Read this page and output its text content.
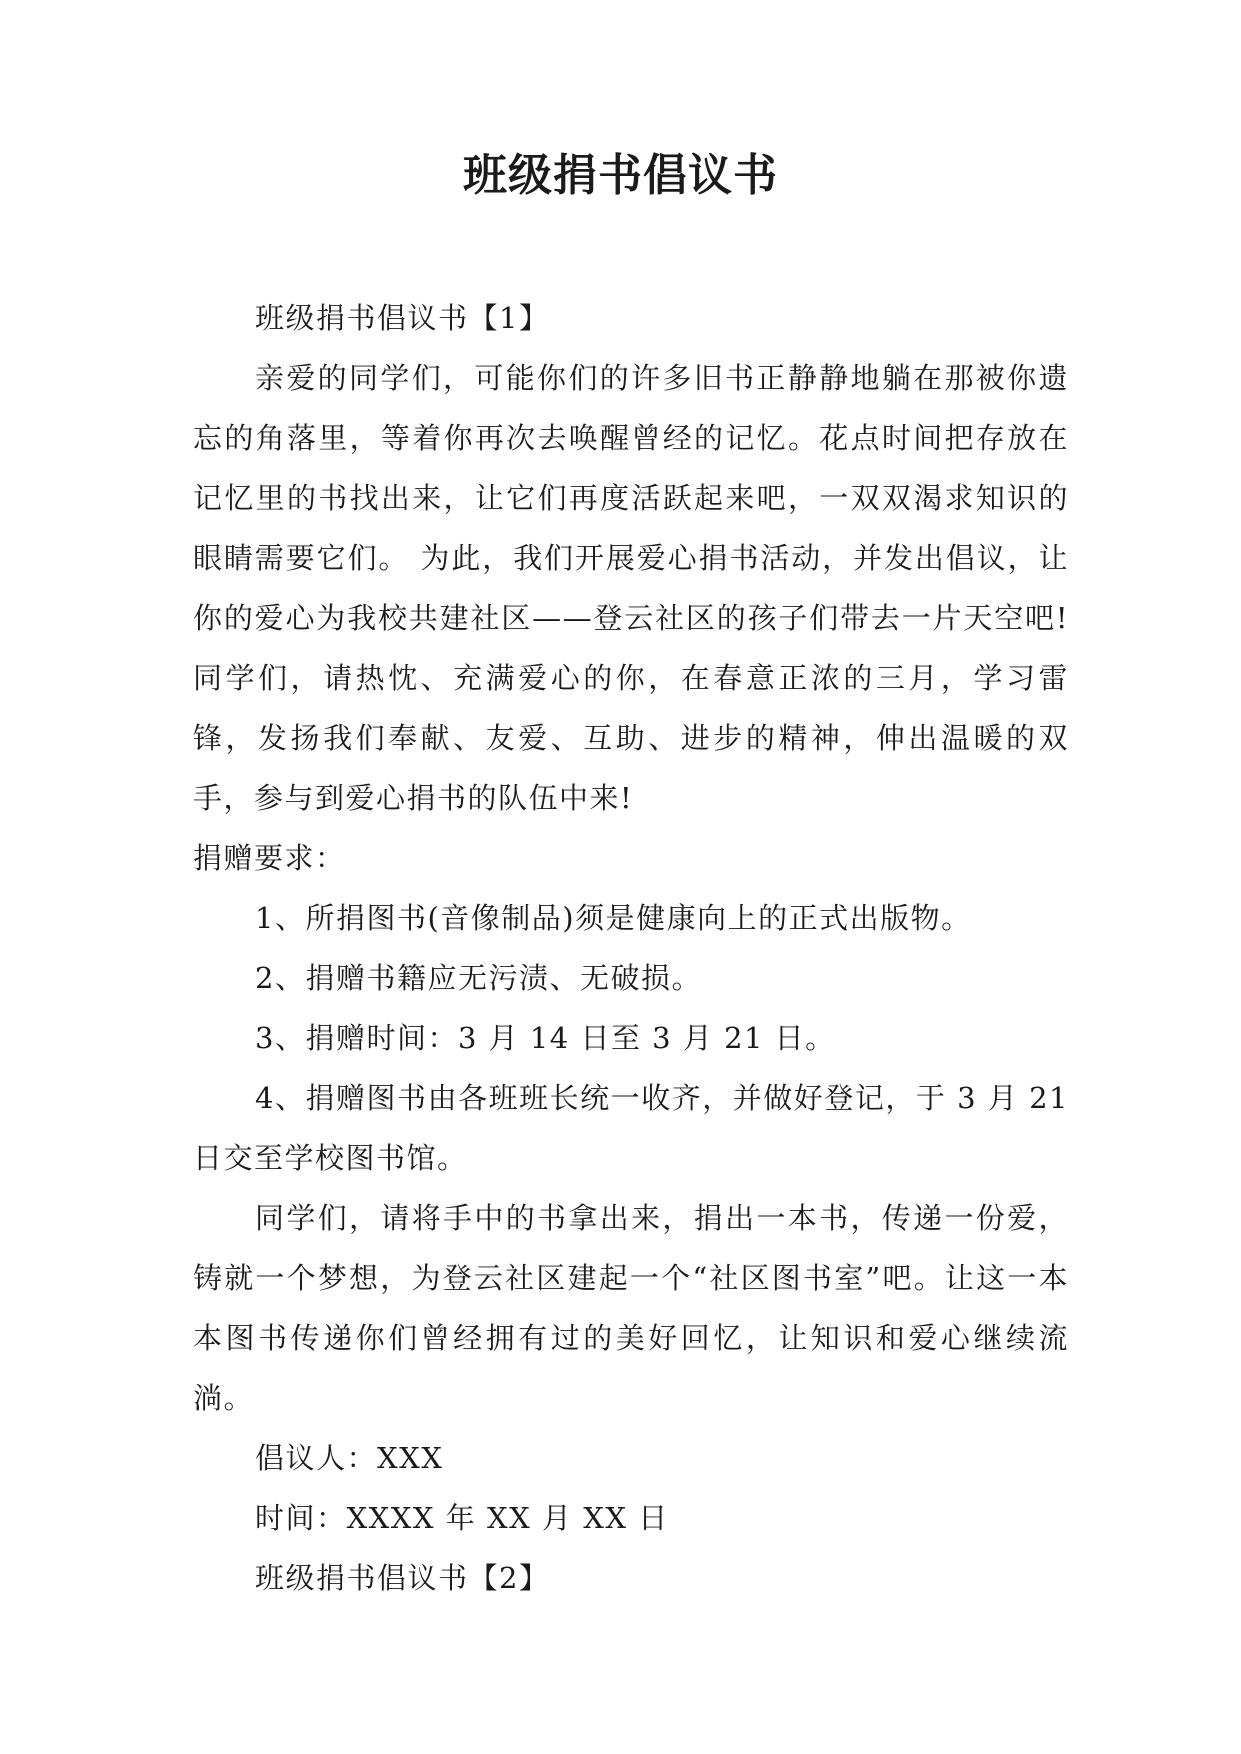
班级捐书倡议书

班级捐书倡议书【1】

亲爱的同学们，可能你们的许多旧书正静静地躺在那被你遗忘的角落里，等着你再次去唤醒曾经的记忆。花点时间把存放在记忆里的书找出来，让它们再度活跃起来吧，一双双渴求知识的眼睛需要它们。 为此，我们开展爱心捐书活动，并发出倡议，让你的爱心为我校共建社区——登云社区的孩子们带去一片天空吧!同学们，请热忱、充满爱心的你，在春意正浓的三月，学习雷锋，发扬我们奉献、友爱、互助、进步的精神，伸出温暖的双手，参与到爱心捐书的队伍中来!

捐赠要求：

1、所捐图书(音像制品)须是健康向上的正式出版物。

2、捐赠书籍应无污渍、无破损。

3、捐赠时间：3 月 14 日至 3 月 21 日。

4、捐赠图书由各班班长统一收齐，并做好登记，于 3 月 21 日交至学校图书馆。

同学们，请将手中的书拿出来，捐出一本书，传递一份爱，铸就一个梦想，为登云社区建起一个“社区图书室”吧。让这一本本图书传递你们曾经拥有过的美好回忆，让知识和爱心继续流淌。

倡议人：XXX

时间：XXXX 年 XX 月 XX 日

班级捐书倡议书【2】
